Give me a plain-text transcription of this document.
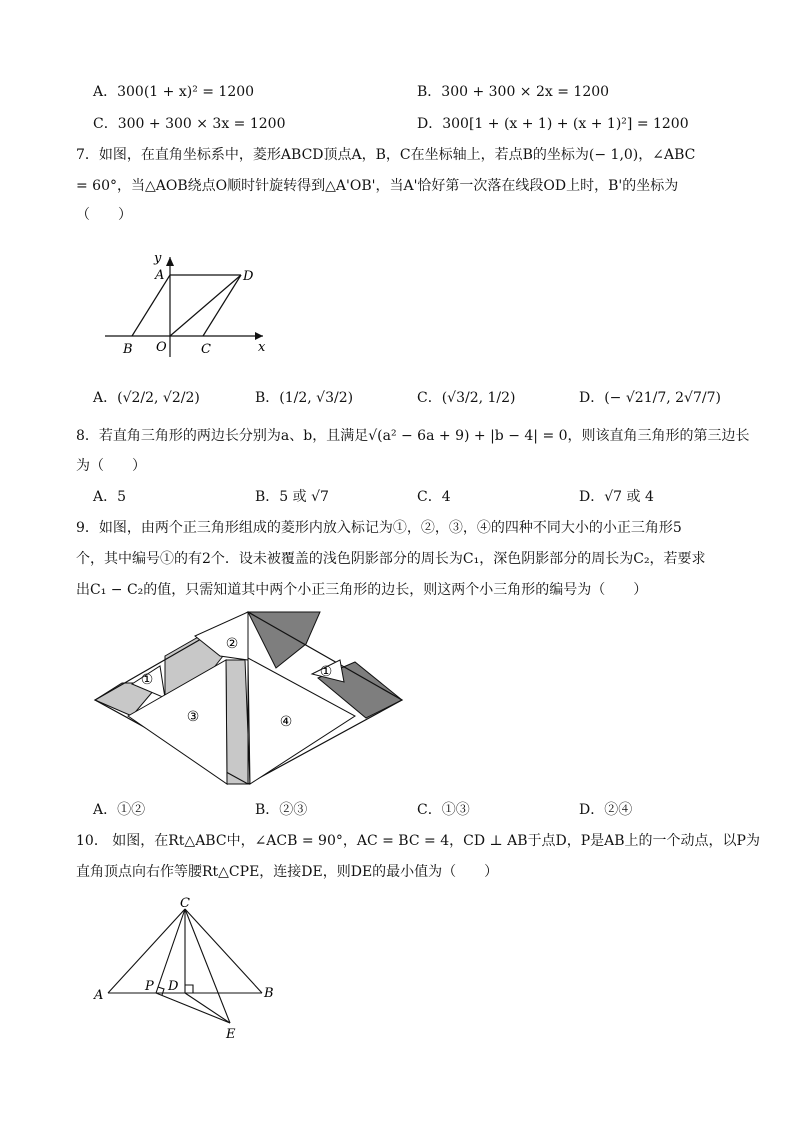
A．300(1 + x)² = 1200	B．300 + 300 × 2x = 1200
C．300 + 300 × 3x = 1200	D．300[1 + (x + 1) + (x + 1)²] = 1200
7．如图，在直角坐标系中，菱形ABCD顶点A，B，C在坐标轴上，若点B的坐标为(− 1,0)，∠ABC
= 60°，当△AOB绕点O顺时针旋转得到△A'OB'，当A'恰好第一次落在线段OD上时，B'的坐标为
（　　）
y
x
A	D
B O	C
A．(√2/2, √2/2)	B．(1/2, √3/2)	C．(√3/2, 1/2)	D．(− √21/7, 2√7/7)
8．若直角三角形的两边长分别为a、b，且满足√(a² − 6a + 9) + |b − 4| = 0，则该直角三角形的第三边长
为（　　）
A．5	B．5 或 √7	C．4	D．√7 或 4
9．如图，由两个正三角形组成的菱形内放入标记为①，②，③，④的四种不同大小的小正三角形5
个，其中编号①的有2个．设未被覆盖的浅色阴影部分的周长为C₁，深色阴影部分的周长为C₂，若要求
出C₁ − C₂的值，只需知道其中两个小正三角形的边长，则这两个小三角形的编号为（　　）
①
②
③	④
①
A．①②	B．②③	C．①③	D．②④
10． 如图，在Rt△ABC中，∠ACB = 90°，AC = BC = 4，CD ⊥ AB于点D，P是AB上的一个动点，以P为
直角顶点向右作等腰Rt△CPE，连接DE，则DE的最小值为（　　）
C
A	B
P D
E
